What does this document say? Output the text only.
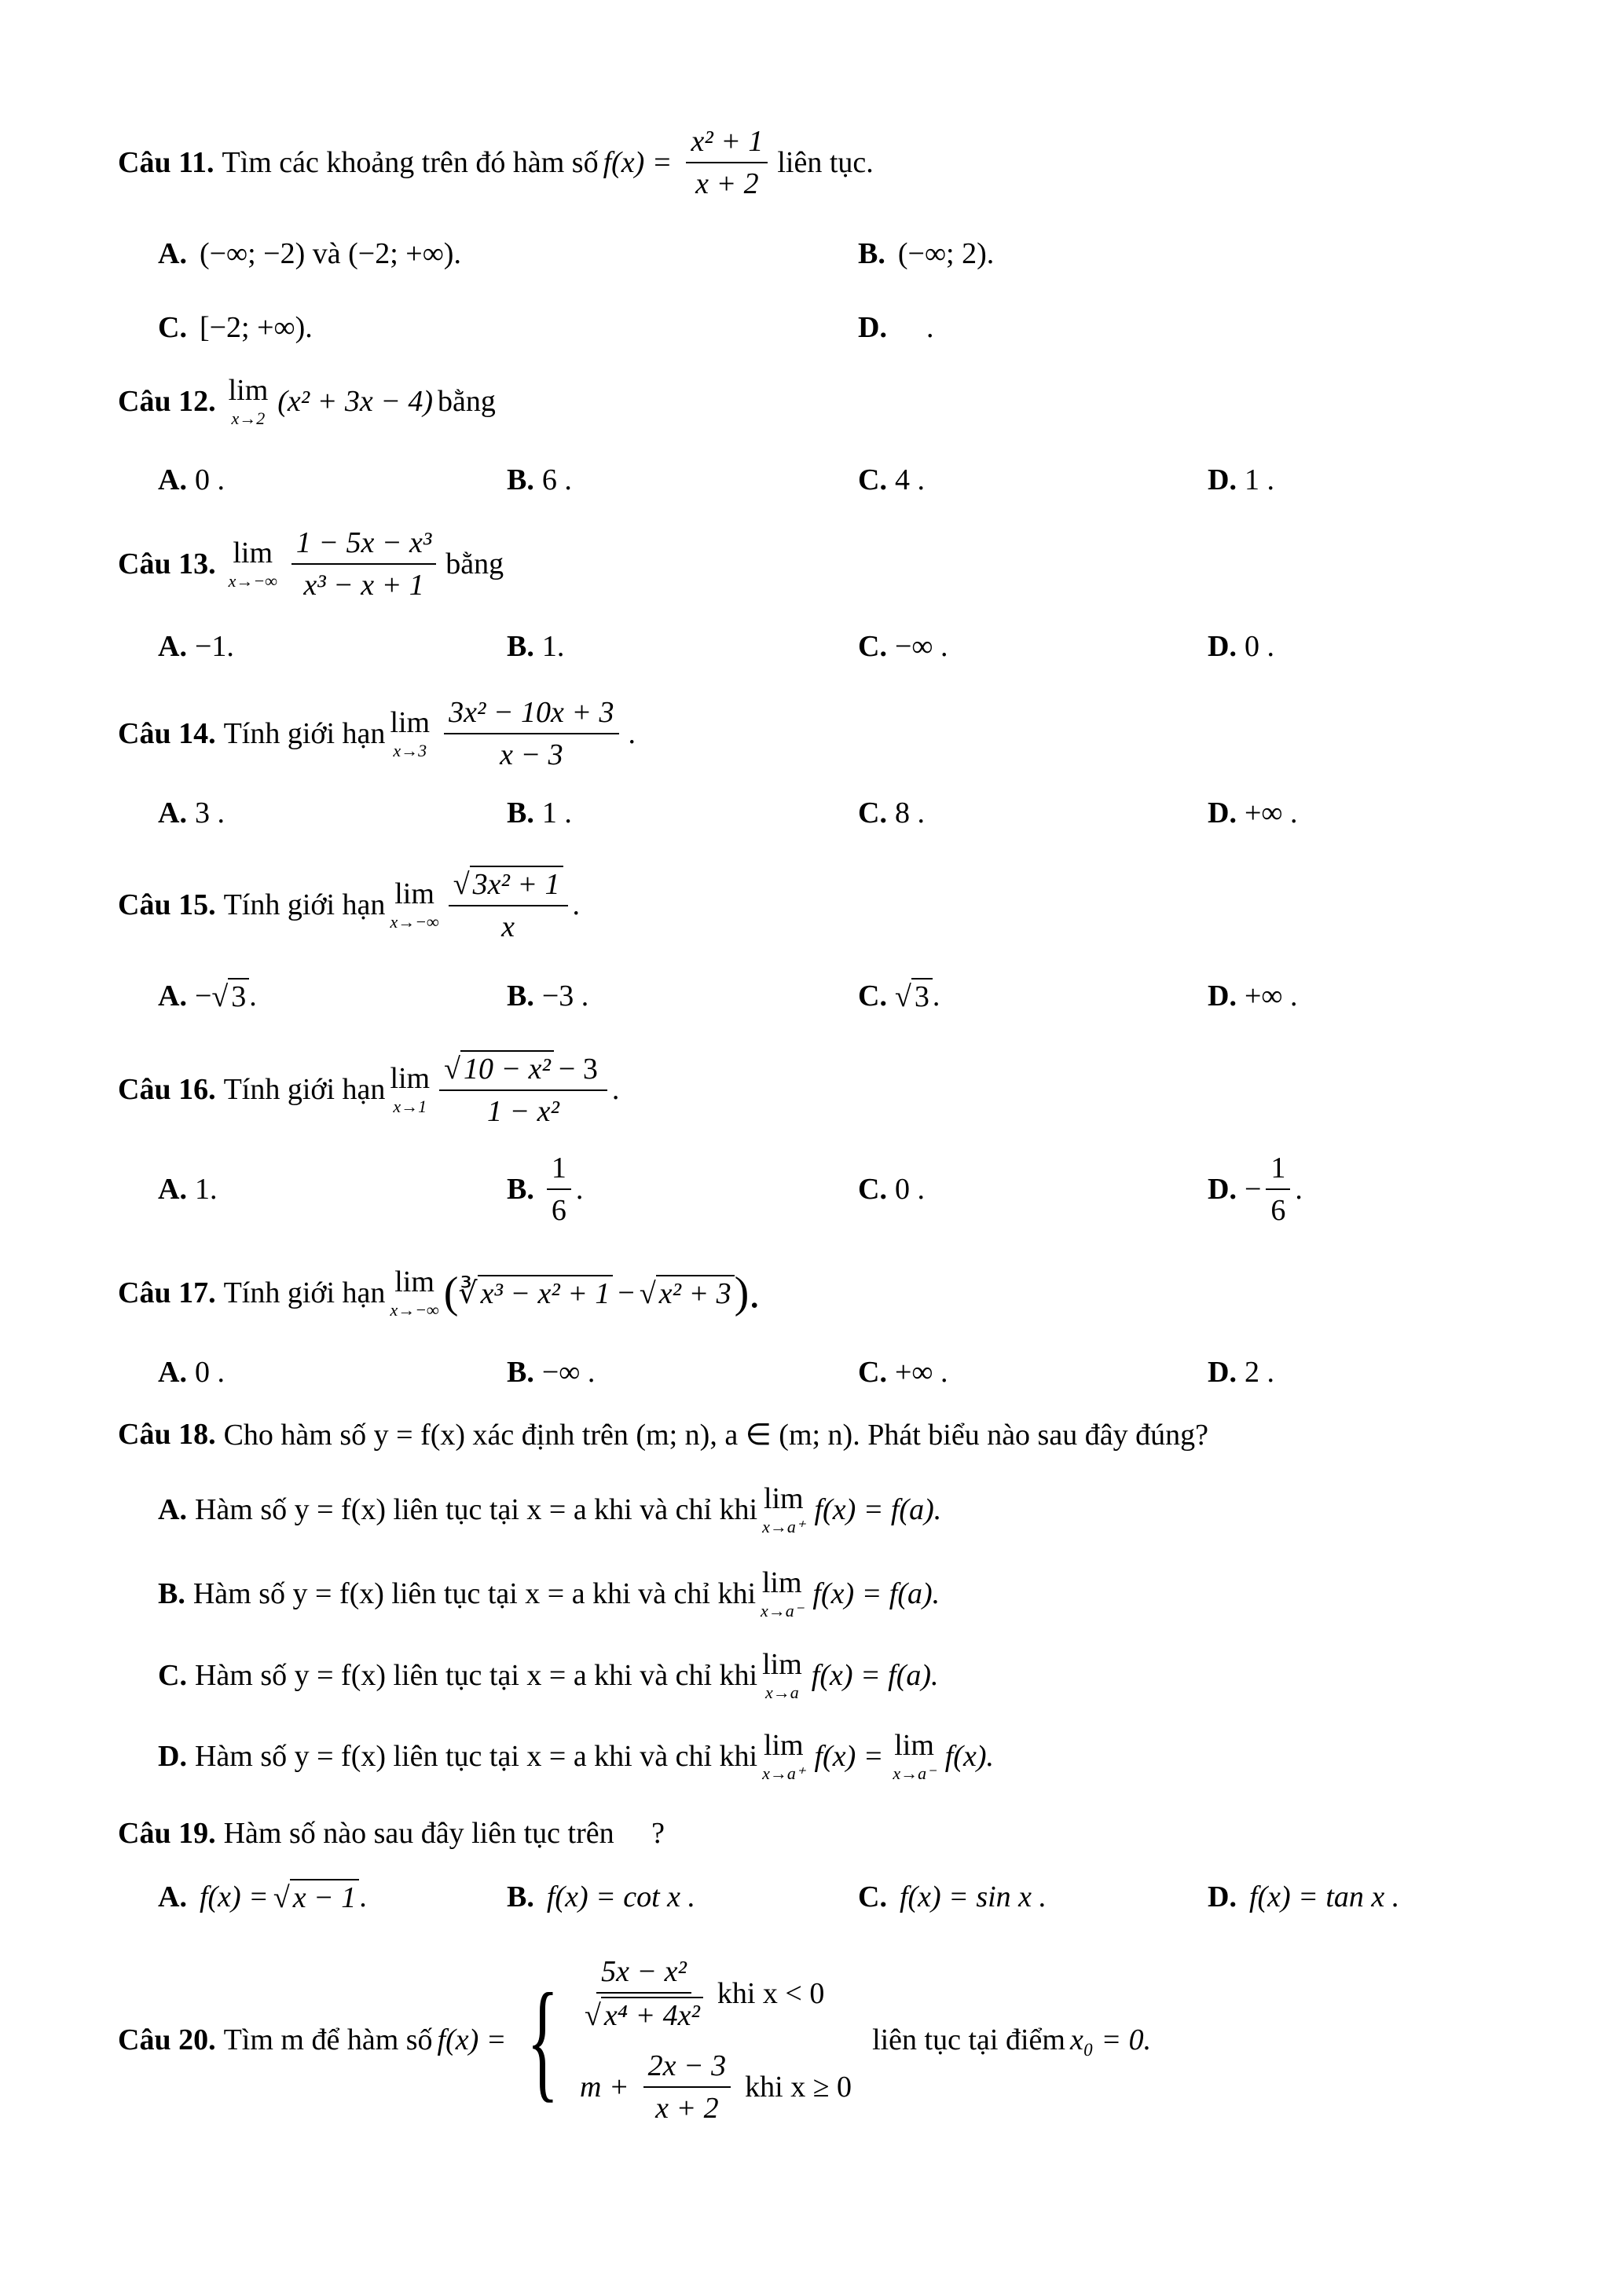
Câu 11. Tìm các khoảng trên đó hàm số $f(x) = \frac{\text{x² + 1}}{x + 2}$ liên tục.
A. (−∞; −2) và (−2; +∞).	B. (−∞; 2).
C. [−2; +∞).	D. .
Câu 12. lim
x→2
(x² + 3x − 4) bằng
A. 0 .	B. 6 .	C. 4 .	D. 1 .
Câu 13. lim
$x\to-\infty \frac{\text{1 − 5x − x³}}{\text{x³ − x + 1}}$ bằng
A. −1.	B. 1.	C. −∞ .	D. 0 .
Câu 14. Tính giới hạn lim
$x\to 3 \frac{\text{3x² − 10x + 3}}{x - 3}$ .
A. 3 .	B. 1 .	C. 8 .	D. +∞ .
Câu 15. Tính giới hạn lim
$x\to-\infty \frac{\text{√ 3x² + 1}}{x}$ .
A. − √ 3 .	B. −3 .	C. √ 3 .	D. +∞ .
Câu 16. Tính giới hạn lim
$x\to 1 \frac{\text{√ 10 − x² − 3}}{\text{1 − x²}}$ .
A. 1.	B. $\frac{1}{6}$ .	C. 0 .	D. − $\frac{1}{6}$ .
Câu 17. Tính giới hạn lim
x→−∞ ( ∛ x³ − x² + 1 − √ x² + 3 ).
A. 0 .	B. −∞ .	C. +∞ .	D. 2 .
Câu 18. Cho hàm số y = f(x) xác định trên (m; n), a ∈ (m; n). Phát biểu nào sau đây đúng?
A. Hàm số y = f(x) liên tục tại x = a khi và chỉ khi lim
x→a⁺
f(x) = f(a).
B. Hàm số y = f(x) liên tục tại x = a khi và chỉ khi lim
x→a⁻
f(x) = f(a).
C. Hàm số y = f(x) liên tục tại x = a khi và chỉ khi lim
x→a
f(x) = f(a).
D. Hàm số y = f(x) liên tục tại x = a khi và chỉ khi lim
x→a⁺
f(x) = lim
x→a⁻
f(x).
Câu 19. Hàm số nào sau đây liên tục trên     ?
A. f(x) = √ x − 1 .	B. f(x) = cot x .	C. f(x) = sin x .	D. f(x) = tan x .
Câu 20. Tìm m để hàm số f(x) = { $\frac{\text{5x − x²}}{\text{√ x⁴ + 4x²}}$ khi x < 0
$m + \frac{2x - 3}{x + 2}$ khi x ≥ 0
liên tục tại điểm x₀ = 0.
